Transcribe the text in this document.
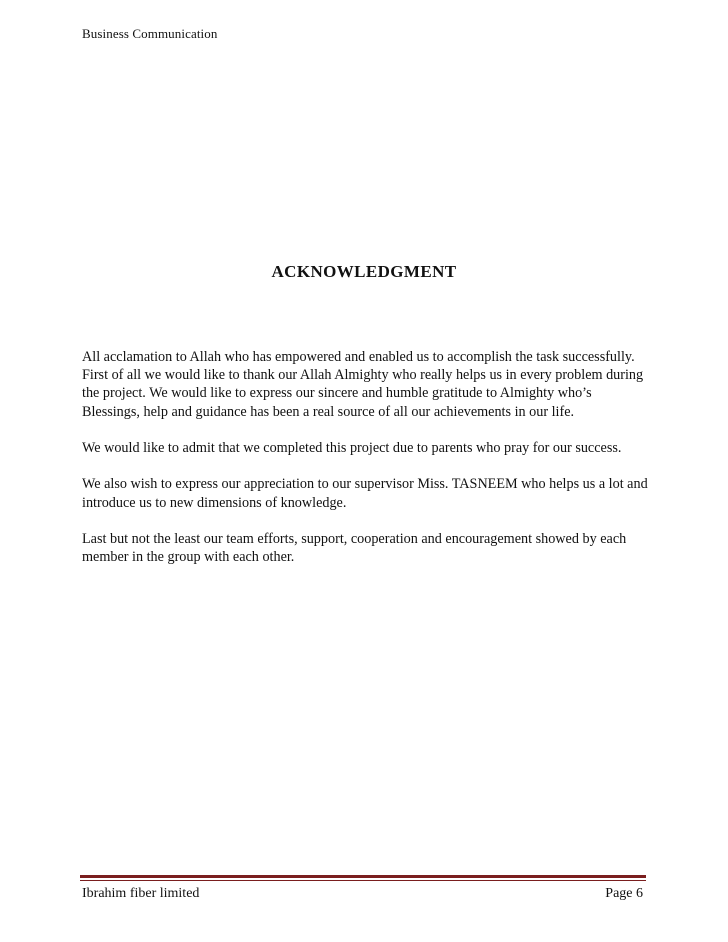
Business Communication
ACKNOWLEDGMENT

All acclamation to Allah who has empowered and enabled us to accomplish the task successfully. First of all we would like to thank our Allah Almighty who really helps us in every problem during the project. We would like to express our sincere and humble gratitude to Almighty who’s Blessings, help and guidance has been a real source of all our achievements in our life.

We would like to admit that we completed this project due to parents who pray for our success.

We also wish to express our appreciation to our supervisor Miss. TASNEEM who helps us a lot and introduce us to new dimensions of knowledge.

Last but not the least our team efforts, support, cooperation and encouragement showed by each member in the group with each other.

Ibrahim fiber limited	Page 6
